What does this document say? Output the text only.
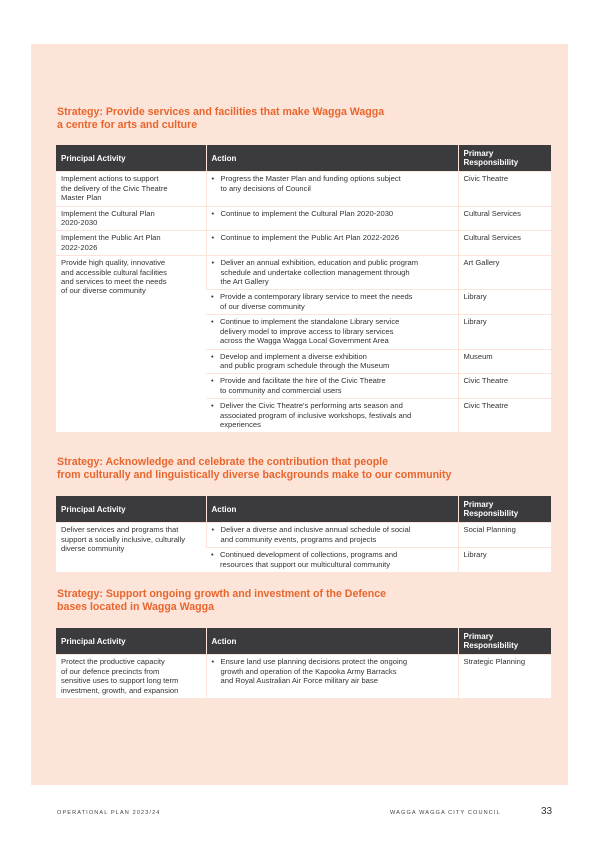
Strategy: Provide services and facilities that make Wagga Wagga
a centre for arts and culture
Principal Activity	Action	Primary
Responsibility

Implement actions to support
the delivery of the Civic Theatre
Master Plan	• Progress the Master Plan and funding options subject
to any decisions of Council	Civic Theatre

Implement the Cultural Plan
2020-2030	• Continue to implement the Cultural Plan 2020-2030	Cultural Services

Implement the Public Art Plan
2022-2026	• Continue to implement the Public Art Plan 2022-2026	Cultural Services

Provide high quality, innovative
and accessible cultural facilities
and services to meet the needs
of our diverse community	• Deliver an annual exhibition, education and public program
schedule and undertake collection management through
the Art Gallery	Art Gallery

	• Provide a contemporary library service to meet the needs
of our diverse community	Library

	• Continue to implement the standalone Library service
delivery model to improve access to library services
across the Wagga Wagga Local Government Area	Library

	• Develop and implement a diverse exhibition
and public program schedule through the Museum	Museum

	• Provide and facilitate the hire of the Civic Theatre
to community and commercial users	Civic Theatre

	• Deliver the Civic Theatre's performing arts season and
associated program of inclusive workshops, festivals and
experiences	Civic Theatre
Strategy: Acknowledge and celebrate the contribution that people
from culturally and linguistically diverse backgrounds make to our community
Principal Activity	Action	Primary
Responsibility

Deliver services and programs that
support a socially inclusive, culturally
diverse community	• Deliver a diverse and inclusive annual schedule of social
and community events, programs and projects	Social Planning

	• Continued development of collections, programs and
resources that support our multicultural community	Library
Strategy: Support ongoing growth and investment of the Defence
bases located in Wagga Wagga
Principal Activity	Action	Primary
Responsibility

Protect the productive capacity
of our defence precincts from
sensitive uses to support long term
investment, growth, and expansion	• Ensure land use planning decisions protect the ongoing
growth and operation of the Kapooka Army Barracks
and Royal Australian Air Force military air base	Strategic Planning
OPERATIONAL PLAN 2023/24	WAGGA WAGGA CITY COUNCIL	33
